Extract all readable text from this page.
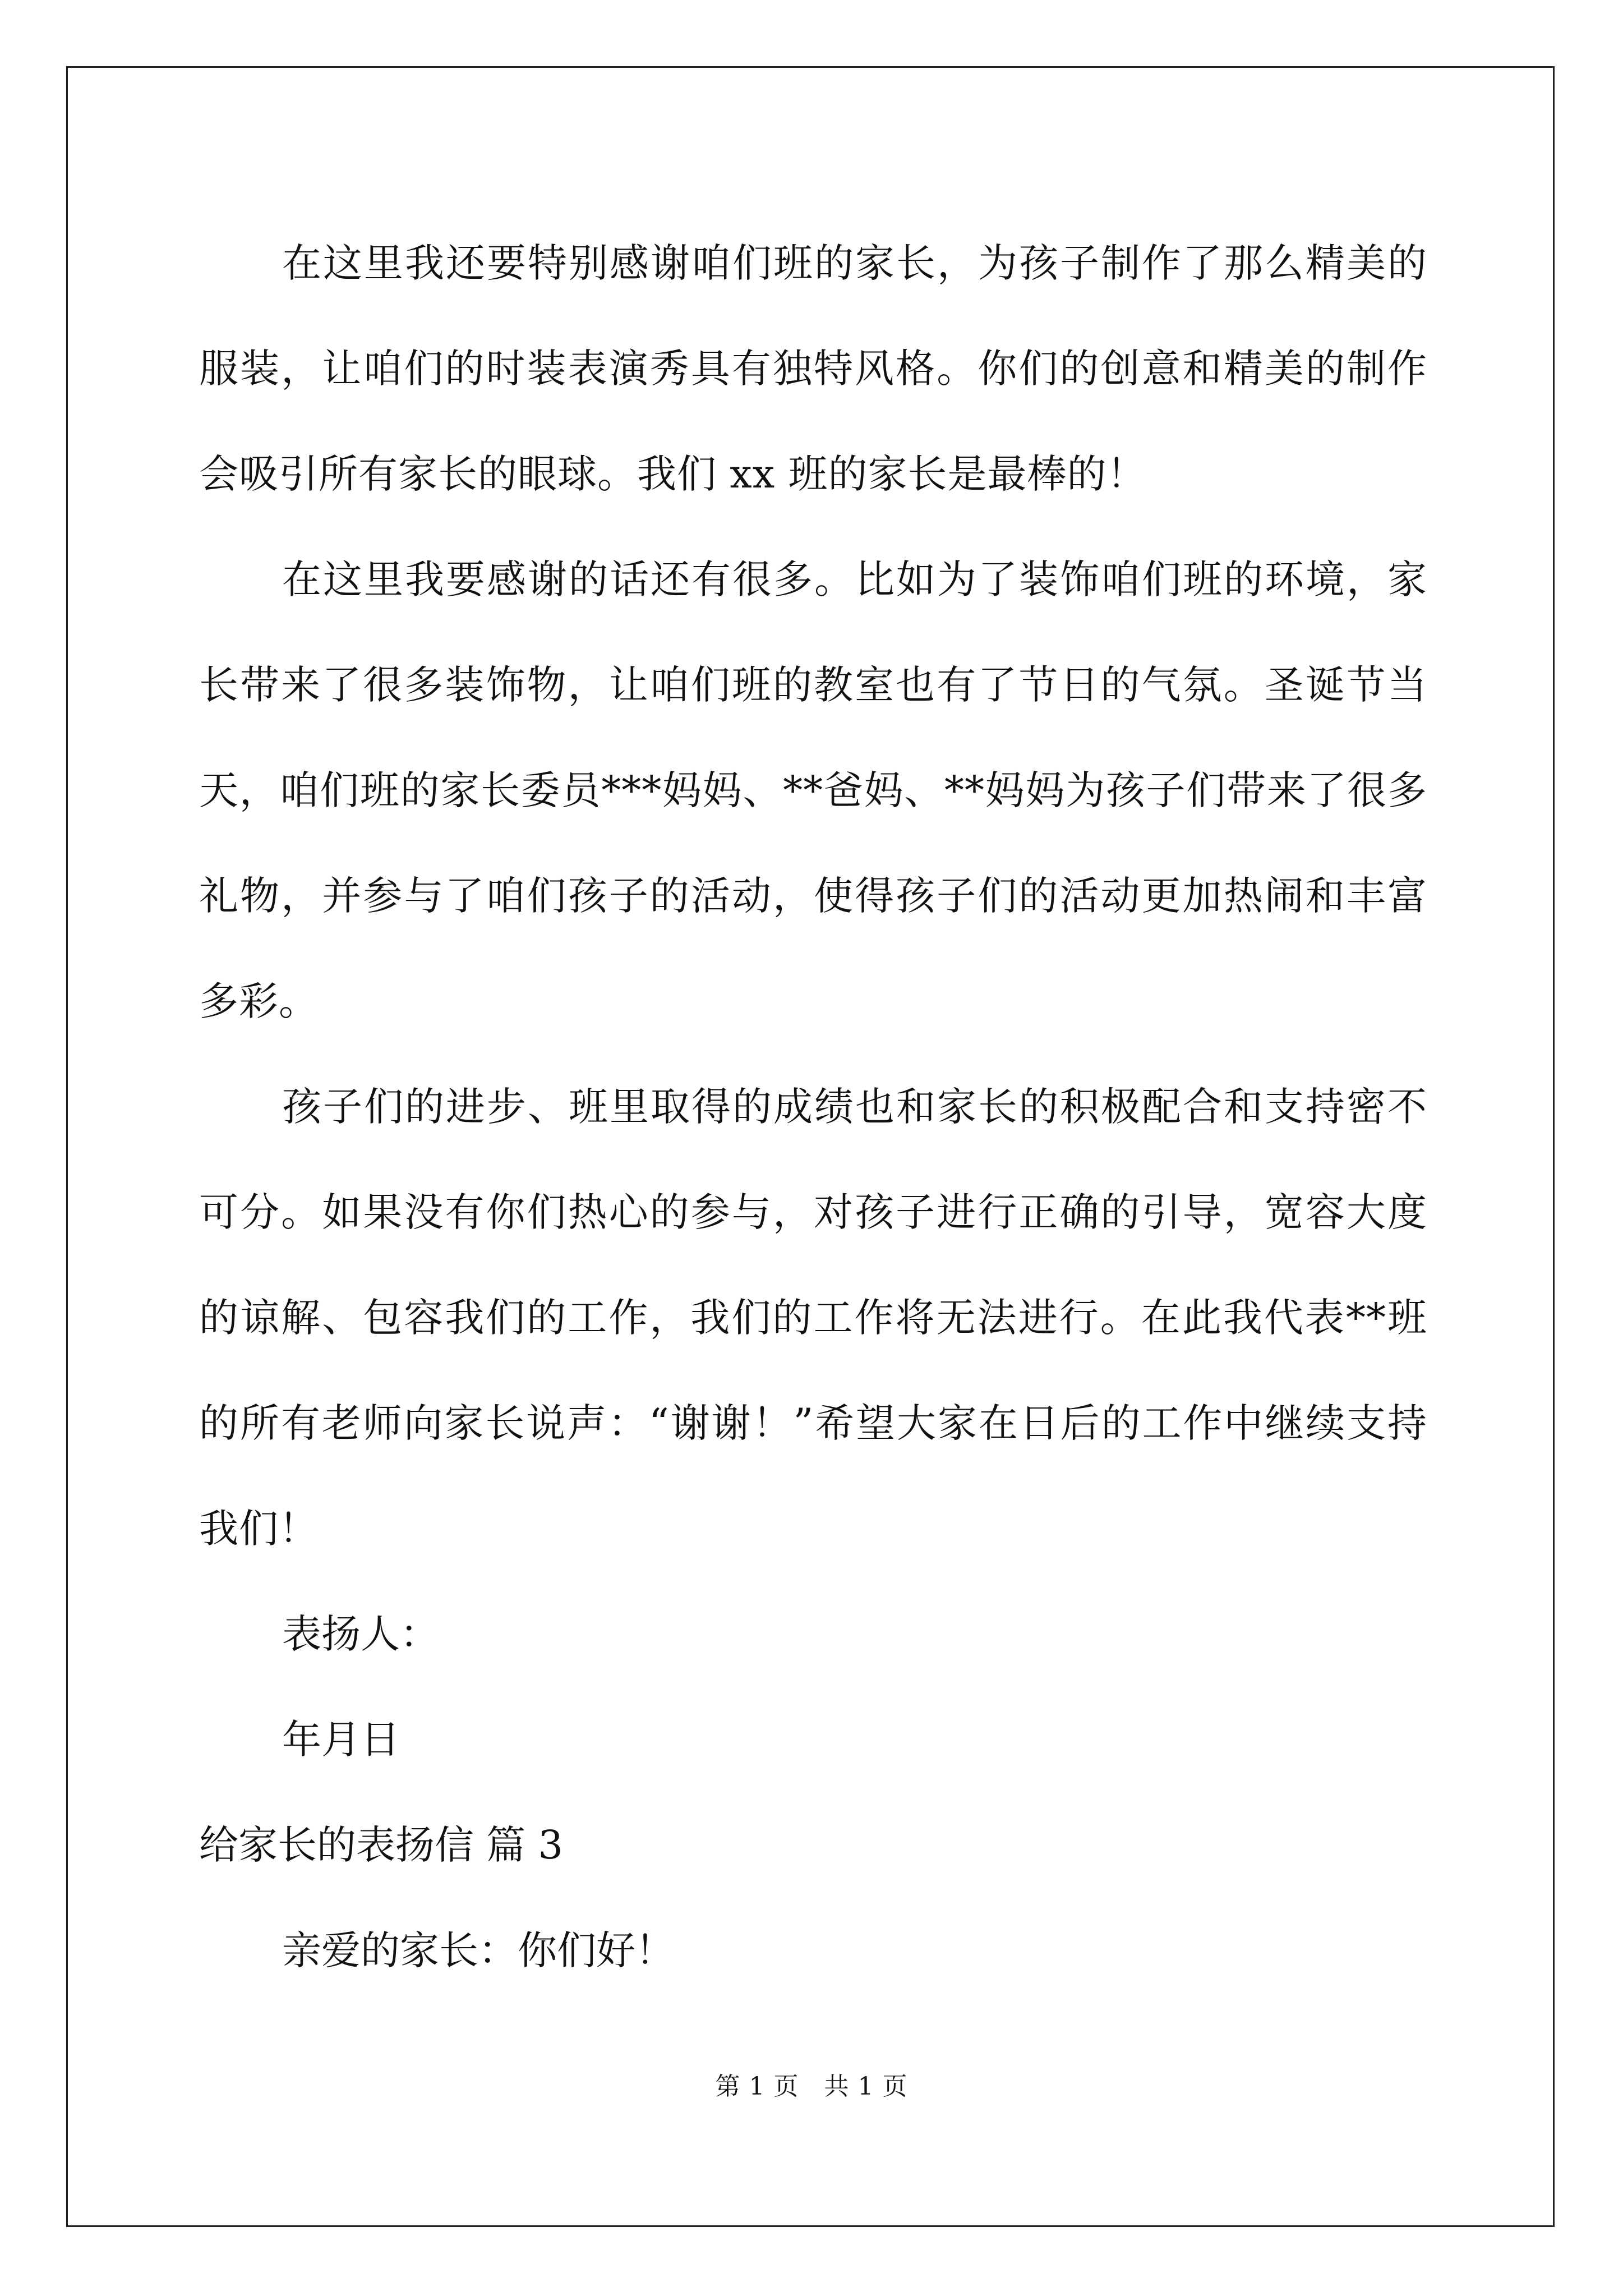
在这里我还要特别感谢咱们班的家长，为孩子制作了那么精美的服装，让咱们的时装表演秀具有独特风格。你们的创意和精美的制作会吸引所有家长的眼球。我们 xx 班的家长是最棒的！

在这里我要感谢的话还有很多。比如为了装饰咱们班的环境，家长带来了很多装饰物，让咱们班的教室也有了节日的气氛。圣诞节当天，咱们班的家长委员***妈妈、**爸妈、**妈妈为孩子们带来了很多礼物，并参与了咱们孩子的活动，使得孩子们的活动更加热闹和丰富多彩。

孩子们的进步、班里取得的成绩也和家长的积极配合和支持密不可分。如果没有你们热心的参与，对孩子进行正确的引导，宽容大度的谅解、包容我们的工作，我们的工作将无法进行。在此我代表**班的所有老师向家长说声：“谢谢！”希望大家在日后的工作中继续支持我们！

表扬人：

年月日

给家长的表扬信 篇 3

亲爱的家长：你们好！

第 1 页　共 1 页
